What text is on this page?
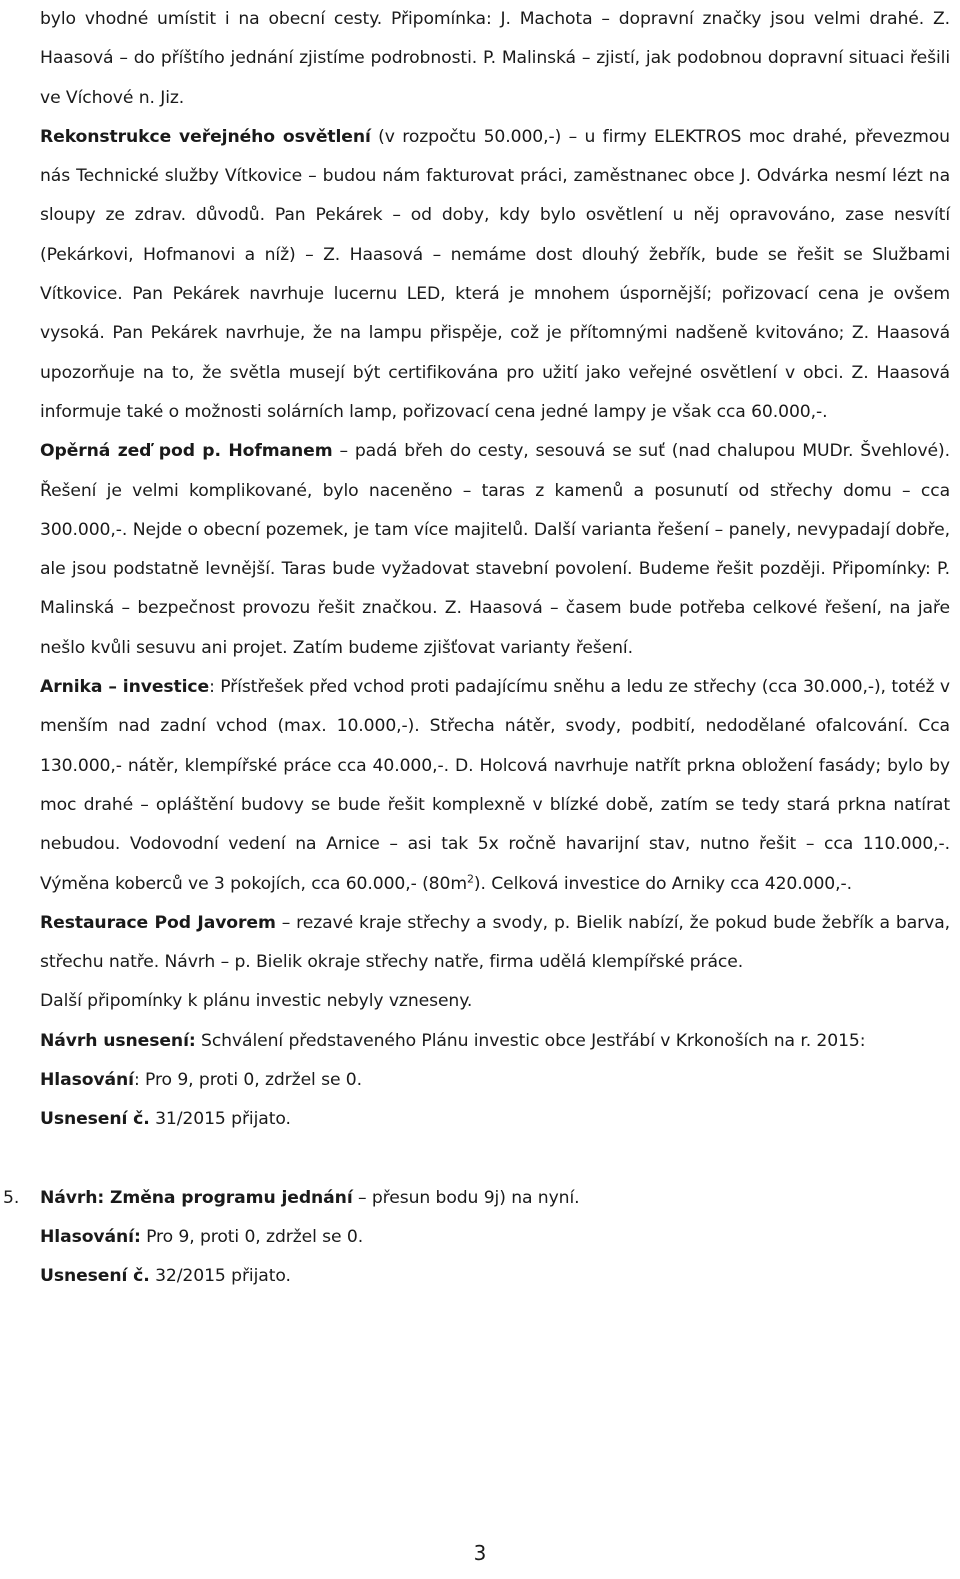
bylo vhodné umístit i na obecní cesty. Připomínka: J. Machota – dopravní značky jsou velmi drahé. Z. Haasová – do příštího jednání zjistíme podrobnosti. P. Malinská – zjistí, jak podobnou dopravní situaci řešili ve Víchové n. Jiz.

Rekonstrukce veřejného osvětlení (v rozpočtu 50.000,-) – u firmy ELEKTROS moc drahé, převezmou nás Technické služby Vítkovice – budou nám fakturovat práci, zaměstnanec obce J. Odvárka nesmí lézt na sloupy ze zdrav. důvodů. Pan Pekárek – od doby, kdy bylo osvětlení u něj opravováno, zase nesvítí (Pekárkovi, Hofmanovi a níž) – Z. Haasová – nemáme dost dlouhý žebřík, bude se řešit se Službami Vítkovice. Pan Pekárek navrhuje lucernu LED, která je mnohem úspornější; pořizovací cena je ovšem vysoká. Pan Pekárek navrhuje, že na lampu přispěje, což je přítomnými nadšeně kvitováno; Z. Haasová upozorňuje na to, že světla musejí být certifikována pro užití jako veřejné osvětlení v obci. Z. Haasová informuje také o možnosti solárních lamp, pořizovací cena jedné lampy je však cca 60.000,-.

Opěrná zeď pod p. Hofmanem – padá břeh do cesty, sesouvá se suť (nad chalupou MUDr. Švehlové). Řešení je velmi komplikované, bylo naceněno – taras z kamenů a posunutí od střechy domu – cca 300.000,-. Nejde o obecní pozemek, je tam více majitelů. Další varianta řešení – panely, nevypadají dobře, ale jsou podstatně levnější. Taras bude vyžadovat stavební povolení. Budeme řešit později. Připomínky: P. Malinská – bezpečnost provozu řešit značkou. Z. Haasová – časem bude potřeba celkové řešení, na jaře nešlo kvůli sesuvu ani projet. Zatím budeme zjišťovat varianty řešení.

Arnika – investice: Přístřešek před vchod proti padajícímu sněhu a ledu ze střechy (cca 30.000,-), totéž v menším nad zadní vchod (max. 10.000,-). Střecha nátěr, svody, podbití, nedodělané ofalcování. Cca 130.000,- nátěr, klempířské práce cca 40.000,-. D. Holcová navrhuje natřít prkna obložení fasády; bylo by moc drahé – opláštění budovy se bude řešit komplexně v blízké době, zatím se tedy stará prkna natírat nebudou. Vodovodní vedení na Arnice – asi tak 5x ročně havarijní stav, nutno řešit – cca 110.000,-. Výměna koberců ve 3 pokojích, cca 60.000,- $(80m^2)$. Celková investice do Arniky cca 420.000,-.

Restaurace Pod Javorem – rezavé kraje střechy a svody, p. Bielik nabízí, že pokud bude žebřík a barva, střechu natře. Návrh – p. Bielik okraje střechy natře, firma udělá klempířské práce.

Další připomínky k plánu investic nebyly vzneseny.

Návrh usnesení: Schválení představeného Plánu investic obce Jestřábí v Krkonoších na r. 2015:

Hlasování: Pro 9, proti 0, zdržel se 0.

Usnesení č. 31/2015 přijato.

5. Návrh: Změna programu jednání – přesun bodu 9j) na nyní.

Hlasování: Pro 9, proti 0, zdržel se 0.

Usnesení č. 32/2015 přijato.

3
